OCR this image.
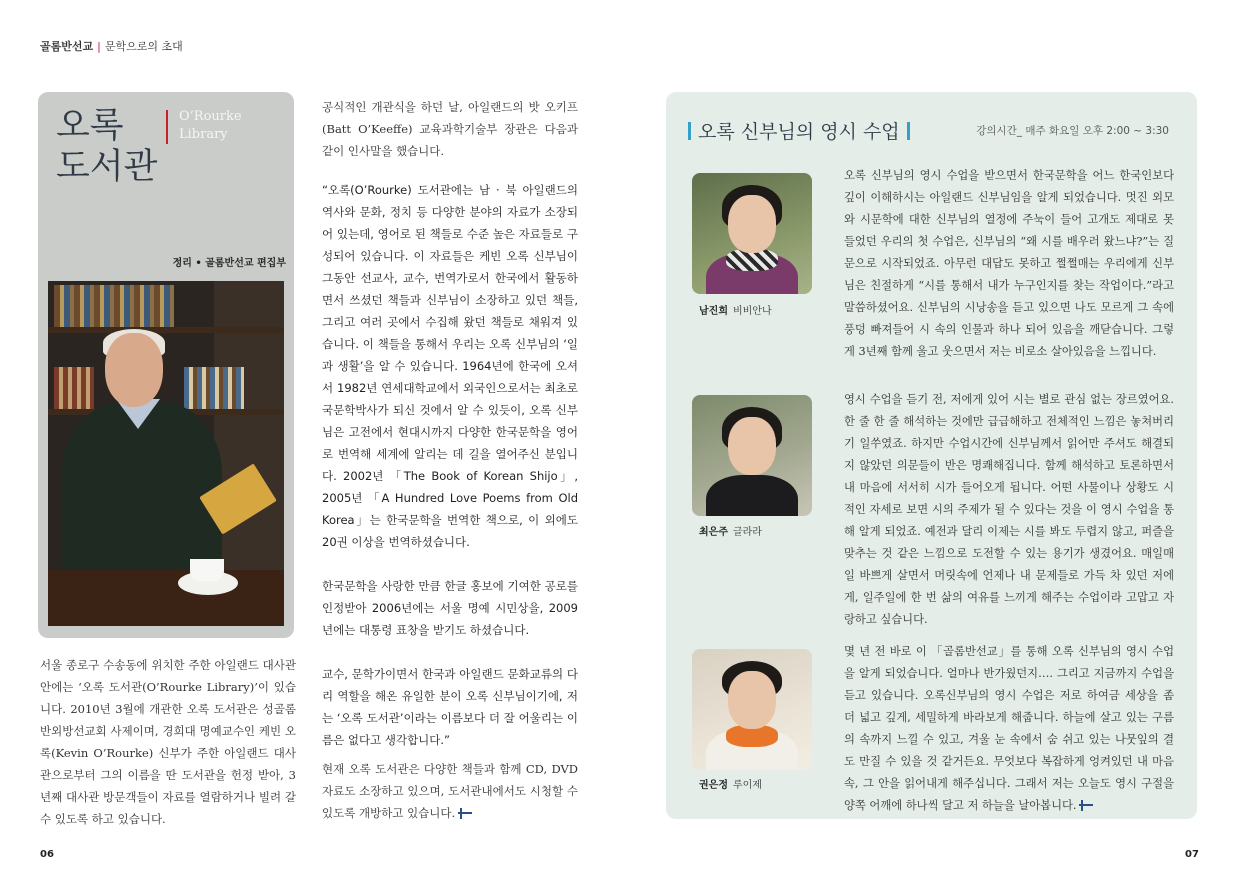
골롬반선교 | 문학으로의 초대
오록
도서관
O’Rourke
Library
정리 • 골롬반선교 편집부

서울 종로구 수송동에 위치한 주한 아일랜드 대사관 안에는 ‘오록 도서관(O’Rourke Library)’이 있습니다. 2010년 3월에 개관한 오록 도서관은 성골롬반외방선교회 사제이며, 경희대 명예교수인 케빈 오록(Kevin O’Rourke) 신부가 주한 아일랜드 대사관으로부터 그의 이름을 딴 도서관을 헌정 받아, 3년째 대사관 방문객들이 자료를 열람하거나 빌려 갈 수 있도록 하고 있습니다.

공식적인 개관식을 하던 날, 아일랜드의 밧 오키프(Batt O’Keeffe) 교육과학기술부 장관은 다음과 같이 인사말을 했습니다.

“오록(O’Rourke) 도서관에는 남 · 북 아일랜드의 역사와 문화, 정치 등 다양한 분야의 자료가 소장되어 있는데, 영어로 된 책들로 수준 높은 자료들로 구성되어 있습니다. 이 자료들은 케빈 오록 신부님이 그동안 선교사, 교수, 번역가로서 한국에서 활동하면서 쓰셨던 책들과 신부님이 소장하고 있던 책들, 그리고 여러 곳에서 수집해 왔던 책들로 채워져 있습니다. 이 책들을 통해서 우리는 오록 신부님의 ‘일과 생활’을 알 수 있습니다. 1964년에 한국에 오셔서 1982년 연세대학교에서 외국인으로서는 최초로 국문학박사가 되신 것에서 알 수 있듯이, 오록 신부님은 고전에서 현대시까지 다양한 한국문학을 영어로 번역해 세계에 알리는 데 길을 열어주신 분입니다. 2002년 「The Book of Korean Shijo」, 2005년 「A Hundred Love Poems from Old Korea」는 한국문학을 번역한 책으로, 이 외에도 20권 이상을 번역하셨습니다.

한국문학을 사랑한 만큼 한글 홍보에 기여한 공로를 인정받아 2006년에는 서울 명예 시민상을, 2009년에는 대통령 표창을 받기도 하셨습니다.

교수, 문학가이면서 한국과 아일랜드 문화교류의 다리 역할을 해온 유일한 분이 오록 신부님이기에, 저는 ‘오록 도서관’이라는 이름보다 더 잘 어울리는 이름은 없다고 생각합니다.”

현재 오록 도서관은 다양한 책들과 함께 CD, DVD 자료도 소장하고 있으며, 도서관내에서도 시청할 수 있도록 개방하고 있습니다.

06
오록 신부님의 영시 수업	강의시간_ 매주 화요일 오후 2:00 ~ 3:30
남진희 비비안나
오록 신부님의 영시 수업을 받으면서 한국문학을 어느 한국인보다 깊이 이해하시는 아일랜드 신부님임을 알게 되었습니다. 멋진 외모와 시문학에 대한 신부님의 열정에 주눅이 들어 고개도 제대로 못 들었던 우리의 첫 수업은, 신부님의 “왜 시를 배우러 왔느냐?”는 질문으로 시작되었죠. 아무런 대답도 못하고 쩔쩔매는 우리에게 신부님은 친절하게 “시를 통해서 내가 누구인지를 찾는 작업이다.”라고 말씀하셨어요. 신부님의 시낭송을 듣고 있으면 나도 모르게 그 속에 풍덩 빠져들어 시 속의 인물과 하나 되어 있음을 깨닫습니다. 그렇게 3년째 함께 울고 웃으면서 저는 비로소 살아있음을 느낍니다.
최은주 글라라
영시 수업을 듣기 전, 저에게 있어 시는 별로 관심 없는 장르였어요. 한 줄 한 줄 해석하는 것에만 급급해하고 전체적인 느낌은 놓쳐버리기 일쑤였죠. 하지만 수업시간에 신부님께서 읽어만 주셔도 해결되지 않았던 의문들이 반은 명쾌해집니다. 함께 해석하고 토론하면서 내 마음에 서서히 시가 들어오게 됩니다. 어떤 사물이나 상황도 시적인 자세로 보면 시의 주제가 될 수 있다는 것을 이 영시 수업을 통해 알게 되었죠. 예전과 달리 이제는 시를 봐도 두렵지 않고, 퍼즐을 맞추는 것 같은 느낌으로 도전할 수 있는 용기가 생겼어요. 매일매일 바쁘게 살면서 머릿속에 언제나 내 문제들로 가득 차 있던 저에게, 일주일에 한 번 삶의 여유를 느끼게 해주는 수업이라 고맙고 자랑하고 싶습니다.
권은정 루이제
몇 년 전 바로 이 「골롬반선교」를 통해 오록 신부님의 영시 수업을 알게 되었습니다. 얼마나 반가웠던지…. 그리고 지금까지 수업을 듣고 있습니다. 오록신부님의 영시 수업은 저로 하여금 세상을 좀 더 넓고 깊게, 세밀하게 바라보게 해줍니다. 하늘에 살고 있는 구름의 속까지 느낄 수 있고, 겨울 눈 속에서 숨 쉬고 있는 나뭇잎의 결도 만질 수 있을 것 같거든요. 무엇보다 복잡하게 엉켜있던 내 마음 속, 그 안을 읽어내게 해주십니다. 그래서 저는 오늘도 영시 구절을 양쪽 어깨에 하나씩 달고 저 하늘을 날아봅니다.
07
